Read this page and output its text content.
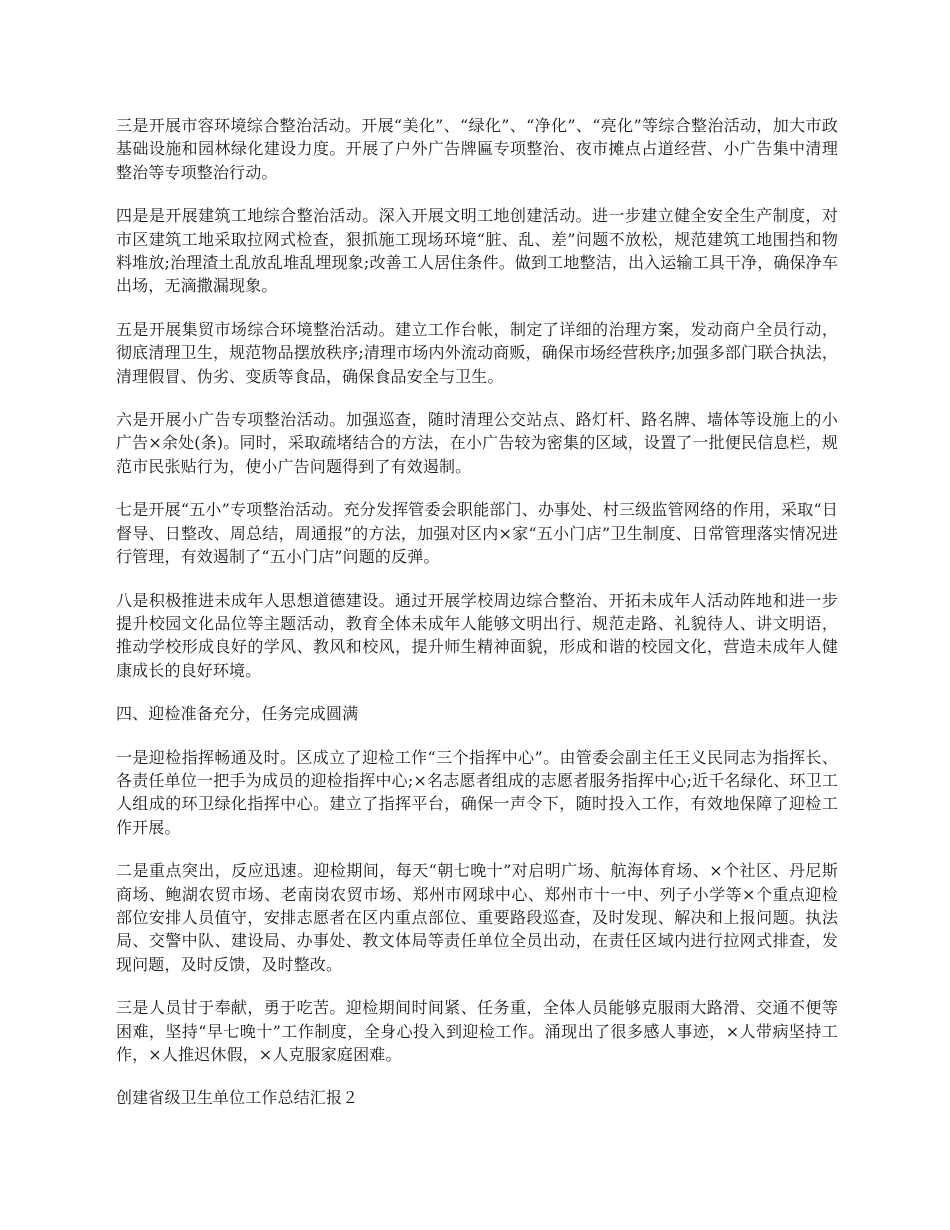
三是开展市容环境综合整治活动。开展“美化”、“绿化”、“净化”、“亮化”等综合整治活动，加大市政基础设施和园林绿化建设力度。开展了户外广告牌匾专项整治、夜市摊点占道经营、小广告集中清理整治等专项整治行动。

四是是开展建筑工地综合整治活动。深入开展文明工地创建活动。进一步建立健全安全生产制度，对市区建筑工地采取拉网式检查，狠抓施工现场环境“脏、乱、差”问题不放松，规范建筑工地围挡和物料堆放;治理渣土乱放乱堆乱埋现象;改善工人居住条件。做到工地整洁，出入运输工具干净，确保净车出场，无滴撒漏现象。

五是开展集贸市场综合环境整治活动。建立工作台帐，制定了详细的治理方案，发动商户全员行动，彻底清理卫生，规范物品摆放秩序;清理市场内外流动商贩，确保市场经营秩序;加强多部门联合执法，清理假冒、伪劣、变质等食品，确保食品安全与卫生。

六是开展小广告专项整治活动。加强巡查，随时清理公交站点、路灯杆、路名牌、墙体等设施上的小广告×余处(条)。同时，采取疏堵结合的方法，在小广告较为密集的区域，设置了一批便民信息栏，规范市民张贴行为，使小广告问题得到了有效遏制。

七是开展“五小”专项整治活动。充分发挥管委会职能部门、办事处、村三级监管网络的作用，采取“日督导、日整改、周总结，周通报”的方法，加强对区内×家“五小门店”卫生制度、日常管理落实情况进行管理，有效遏制了“五小门店”问题的反弹。

八是积极推进未成年人思想道德建设。通过开展学校周边综合整治、开拓未成年人活动阵地和进一步提升校园文化品位等主题活动，教育全体未成年人能够文明出行、规范走路、礼貌待人、讲文明语，推动学校形成良好的学风、教风和校风，提升师生精神面貌，形成和谐的校园文化，营造未成年人健康成长的良好环境。

四、迎检准备充分，任务完成圆满

一是迎检指挥畅通及时。区成立了迎检工作“三个指挥中心”。由管委会副主任王义民同志为指挥长、各责任单位一把手为成员的迎检指挥中心;×名志愿者组成的志愿者服务指挥中心;近千名绿化、环卫工人组成的环卫绿化指挥中心。建立了指挥平台，确保一声令下，随时投入工作，有效地保障了迎检工作开展。

二是重点突出，反应迅速。迎检期间，每天“朝七晚十”对启明广场、航海体育场、×个社区、丹尼斯商场、鲍湖农贸市场、老南岗农贸市场、郑州市网球中心、郑州市十一中、列子小学等×个重点迎检部位安排人员值守，安排志愿者在区内重点部位、重要路段巡查，及时发现、解决和上报问题。执法局、交警中队、建设局、办事处、教文体局等责任单位全员出动，在责任区域内进行拉网式排查，发现问题，及时反馈，及时整改。

三是人员甘于奉献，勇于吃苦。迎检期间时间紧、任务重，全体人员能够克服雨大路滑、交通不便等困难，坚持“早七晚十”工作制度，全身心投入到迎检工作。涌现出了很多感人事迹，×人带病坚持工作，×人推迟休假，×人克服家庭困难。

创建省级卫生单位工作总结汇报２
